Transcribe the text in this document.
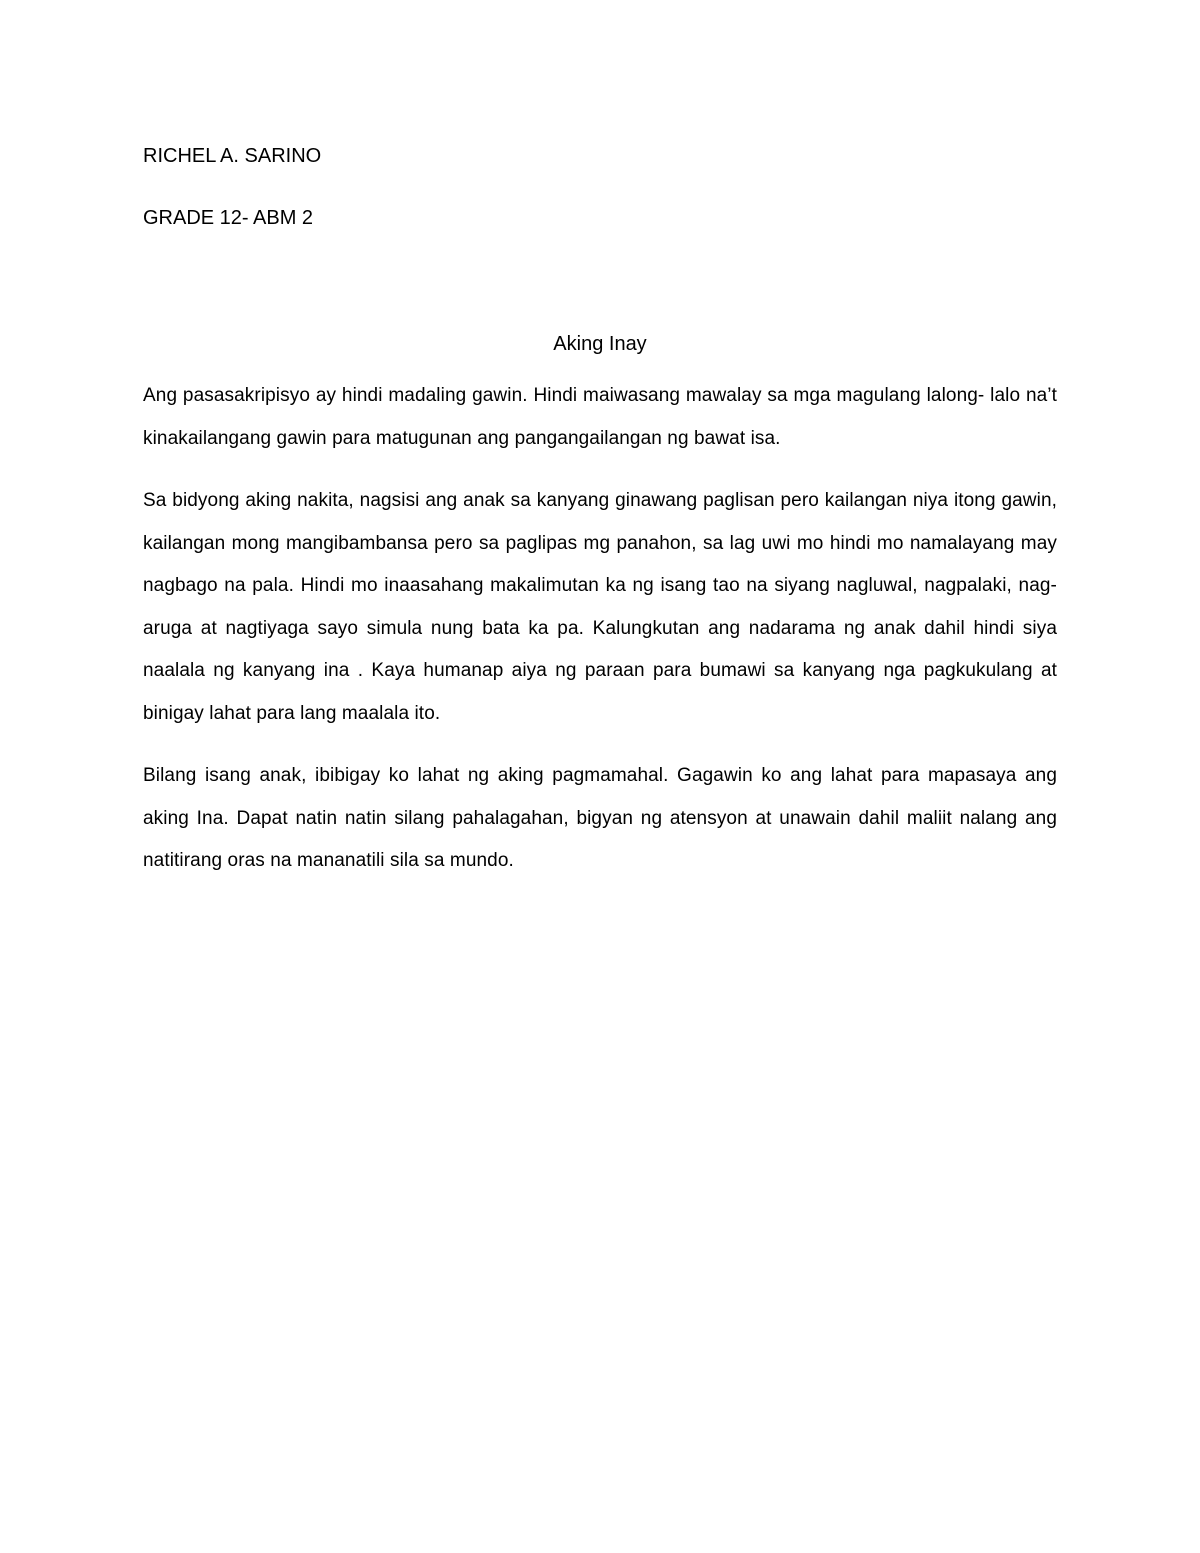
RICHEL A. SARINO

GRADE 12- ABM 2

Aking Inay

Ang pasasakripisyo ay hindi madaling gawin. Hindi maiwasang mawalay sa mga magulang lalong- lalo na’t kinakailangang gawin para matugunan ang pangangailangan ng bawat isa.

Sa bidyong aking nakita, nagsisi ang anak sa kanyang ginawang paglisan pero kailangan niya itong gawin, kailangan mong mangibambansa pero sa paglipas mg panahon, sa lag uwi mo hindi mo namalayang may nagbago na pala. Hindi mo inaasahang makalimutan ka ng isang tao na siyang nagluwal, nagpalaki, nag-aruga at nagtiyaga sayo simula nung bata ka pa. Kalungkutan ang nadarama ng anak dahil hindi siya naalala ng kanyang ina . Kaya humanap aiya ng paraan para bumawi sa kanyang nga pagkukulang at binigay lahat para lang maalala ito.

Bilang isang anak, ibibigay ko lahat ng aking pagmamahal. Gagawin ko ang lahat para mapasaya ang aking Ina. Dapat natin natin silang pahalagahan, bigyan ng atensyon at unawain dahil maliit nalang ang natitirang oras na mananatili sila sa mundo.
